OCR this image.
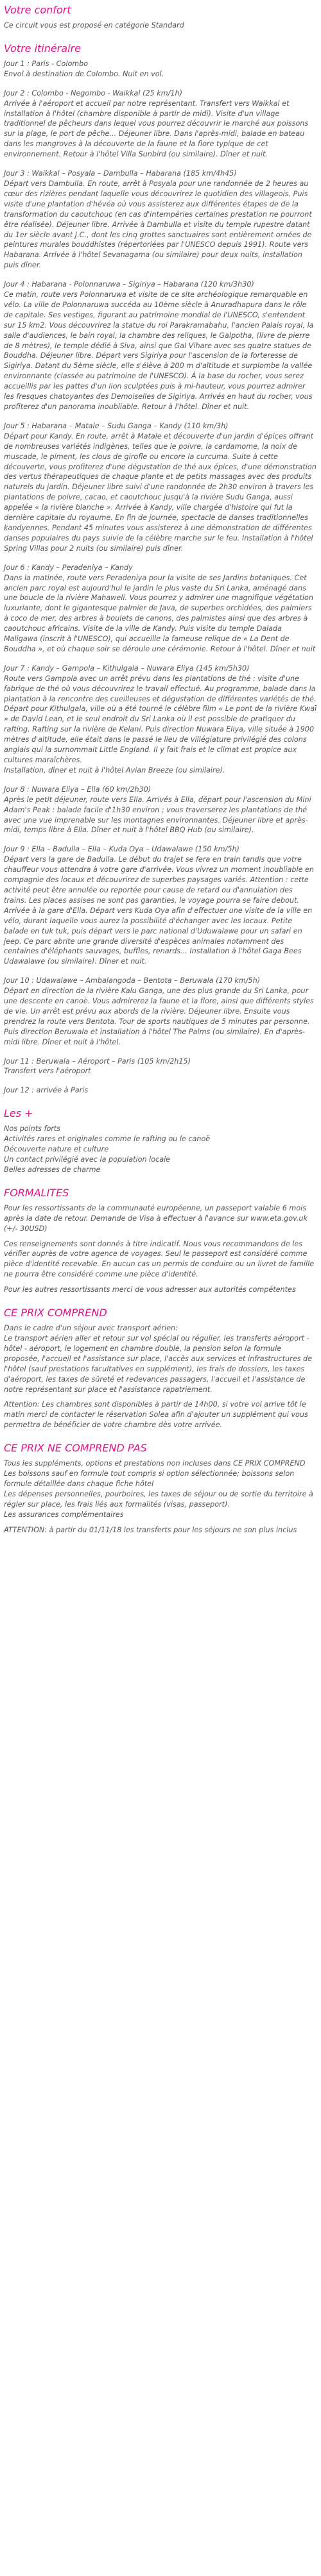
Votre confort

Ce circuit vous est proposé en catégorie Standard

Votre itinéraire
Jour 1 : Paris - Colombo
Envol à destination de Colombo. Nuit en vol.
Jour 2 : Colombo - Negombo - Waikkal (25 km/1h)
Arrivée à l'aéroport et accueil par notre représentant. Transfert vers Waikkal et installation à l'hôtel (chambre disponible à partir de midi). Visite d'un village traditionnel de pêcheurs dans lequel vous pourrez découvrir le marché aux poissons sur la plage, le port de pêche... Déjeuner libre. Dans l'après-midi, balade en bateau dans les mangroves à la découverte de la faune et la flore typique de cet environnement. Retour à l'hôtel Villa Sunbird (ou similaire). Dîner et nuit.
Jour 3 : Waikkal – Posyala – Dambulla – Habarana (185 km/4h45)
Départ vers Dambulla. En route, arrêt à Posyala pour une randonnée de 2 heures au cœur des rizières pendant laquelle vous découvrirez le quotidien des villageois. Puis visite d'une plantation d'hévéa où vous assisterez aux différentes étapes de de la transformation du caoutchouc (en cas d'intempéries certaines prestation ne pourront être réalisée). Déjeuner libre. Arrivée à Dambulla et visite du temple rupestre datant du 1er siècle avant J.C., dont les cinq grottes sanctuaires sont entièrement ornées de peintures murales bouddhistes (répertoriées par l'UNESCO depuis 1991). Route vers Habarana. Arrivée à l'hôtel Sevanagama (ou similaire) pour deux nuits, installation puis dîner.
Jour 4 : Habarana - Polonnaruwa – Sigiriya – Habarana (120 km/3h30)
Ce matin, route vers Polonnaruwa et visite de ce site archéologique remarquable en vélo. La ville de Polonnaruwa succéda au 10ème siècle à Anuradhapura dans le rôle de capitale. Ses vestiges, figurant au patrimoine mondial de l'UNESCO, s'entendent sur 15 km2. Vous découvrirez la statue du roi Parakramabahu, l'ancien Palais royal, la salle d'audiences, le bain royal, la chambre des reliques, le Galpotha, (livre de pierre de 8 mètres), le temple dédié à Siva, ainsi que Gal Vihare avec ses quatre statues de Bouddha. Déjeuner libre. Départ vers Sigiriya pour l'ascension de la forteresse de Sigiriya. Datant du 5ème siècle, elle s'élève à 200 m d'altitude et surplombe la vallée environnante (classée au patrimoine de l'UNESCO). À la base du rocher, vous serez accueillis par les pattes d'un lion sculptées puis à mi-hauteur, vous pourrez admirer les fresques chatoyantes des Demoiselles de Sigiriya. Arrivés en haut du rocher, vous profiterez d'un panorama inoubliable. Retour à l'hôtel. Dîner et nuit.
Jour 5 : Habarana – Matale – Sudu Ganga – Kandy (110 km/3h)
Départ pour Kandy. En route, arrêt à Matale et découverte d'un jardin d'épices offrant de nombreuses variétés indigènes, telles que le poivre, la cardamome, la noix de muscade, le piment, les clous de girofle ou encore la curcuma. Suite à cette découverte, vous profiterez d'une dégustation de thé aux épices, d'une démonstration des vertus thérapeutiques de chaque plante et de petits massages avec des produits naturels du jardin. Déjeuner libre suivi d'une randonnée de 2h30 environ à travers les plantations de poivre, cacao, et caoutchouc jusqu'à la rivière Sudu Ganga, aussi appelée « la rivière blanche ». Arrivée à Kandy, ville chargée d'histoire qui fut la dernière capitale du royaume. En fin de journée, spectacle de danses traditionnelles kandyennes. Pendant 45 minutes vous assisterez à une démonstration de différentes danses populaires du pays suivie de la célèbre marche sur le feu. Installation à l'hôtel Spring Villas pour 2 nuits (ou similaire) puis dîner.
Jour 6 : Kandy – Peradeniya – Kandy
Dans la matinée, route vers Peradeniya pour la visite de ses Jardins botaniques. Cet ancien parc royal est aujourd'hui le jardin le plus vaste du Sri Lanka, aménagé dans une boucle de la rivière Mahaweli. Vous pourrez y admirer une magnifique végétation luxuriante, dont le gigantesque palmier de Java, de superbes orchidées, des palmiers à coco de mer, des arbres à boulets de canons, des palmistes ainsi que des arbres à caoutchouc africains. Visite de la ville de Kandy. Puis visite du temple Dalada Maligawa (inscrit à l'UNESCO), qui accueille la fameuse relique de « La Dent de Bouddha », et où chaque soir se déroule une cérémonie. Retour à l'hôtel. Dîner et nuit
Jour 7 : Kandy – Gampola – Kithulgala – Nuwara Eliya (145 km/5h30)
Route vers Gampola avec un arrêt prévu dans les plantations de thé : visite d'une fabrique de thé où vous découvrirez le travail effectué. Au programme, balade dans la plantation à la rencontre des cueilleuses et dégustation de différentes variétés de thé. Départ pour Kithulgala, ville où a été tourné le célèbre film « Le pont de la rivière Kwaï » de David Lean, et le seul endroit du Sri Lanka où il est possible de pratiquer du rafting. Rafting sur la rivière de Kelani. Puis direction Nuwara Eliya, ville située à 1900 mètres d'altitude, elle était dans le passé le lieu de villégiature privilégié des colons anglais qui la surnommait Little England. Il y fait frais et le climat est propice aux cultures maraîchères.
Installation, dîner et nuit à l'hôtel Avian Breeze (ou similaire).
Jour 8 : Nuwara Eliya – Ella (60 km/2h30)
Après le petit déjeuner, route vers Ella. Arrivés à Ella, départ pour l'ascension du Mini Adam's Peak : balade facile d'1h30 environ ; vous traverserez les plantations de thé avec une vue imprenable sur les montagnes environnantes. Déjeuner libre et après-midi, temps libre à Ella. Dîner et nuit à l'hôtel BBQ Hub (ou similaire).
Jour 9 : Ella – Badulla – Ella – Kuda Oya – Udawalawe (150 km/5h)
Départ vers la gare de Badulla. Le début du trajet se fera en train tandis que votre chauffeur vous attendra à votre gare d'arrivée. Vous vivrez un moment inoubliable en compagnie des locaux et découvrirez de superbes paysages variés. Attention : cette activité peut être annulée ou reportée pour cause de retard ou d'annulation des trains. Les places assises ne sont pas garanties, le voyage pourra se faire debout. Arrivée à la gare d'Ella. Départ vers Kuda Oya afin d'effectuer une visite de la ville en vélo, durant laquelle vous aurez la possibilité d'échanger avec les locaux. Petite balade en tuk tuk, puis départ vers le parc national d'Uduwalawe pour un safari en jeep. Ce parc abrite une grande diversité d'espèces animales notamment des centaines d'éléphants sauvages, buffles, renards... Installation à l'hôtel Gaga Bees Udawalawe (ou similaire). Dîner et nuit.
Jour 10 : Udawalawe – Ambalangoda – Bentota – Beruwala (170 km/5h)
Départ en direction de la rivière Kalu Ganga, une des plus grande du Sri Lanka, pour une descente en canoë. Vous admirerez la faune et la flore, ainsi que différents styles de vie. Un arrêt est prévu aux abords de la rivière. Déjeuner libre. Ensuite vous prendrez la route vers Bentota. Tour de sports nautiques de 5 minutes par personne. Puis direction Beruwala et installation à l'hôtel The Palms (ou similaire). En d'après-midi libre. Dîner et nuit à l'hôtel.
Jour 11 : Beruwala – Aéroport – Paris (105 km/2h15)
Transfert vers l'aéroport
Jour 12 : arrivée à Paris
Les +
Nos points forts
Activités rares et originales comme le rafting ou le canoë
Découverte nature et culture
Un contact privilégié avec la population locale
Belles adresses de charme
FORMALITES

Pour les ressortissants de la communauté européenne, un passeport valable 6 mois après la date de retour. Demande de Visa à effectuer à l'avance sur www.eta.gov.uk (+/- 30USD)

Ces renseignements sont donnés à titre indicatif. Nous vous recommandons de les vérifier auprès de votre agence de voyages. Seul le passeport est considéré comme pièce d'identité recevable. En aucun cas un permis de conduire ou un livret de famille ne pourra être considéré comme une pièce d'identité.

Pour les autres ressortissants merci de vous adresser aux autorités compétentes

CE PRIX COMPREND

Dans le cadre d'un séjour avec transport aérien:
Le transport aérien aller et retour sur vol spécial ou régulier, les transferts aéroport - hôtel - aéroport, le logement en chambre double, la pension selon la formule proposée, l'accueil et l'assistance sur place, l'accès aux services et infrastructures de l'hôtel (sauf prestations facultatives en supplément), les frais de dossiers, les taxes d'aéroport, les taxes de sûreté et redevances passagers, l'accueil et l'assistance de notre représentant sur place et l'assistance rapatriement.

Attention: Les chambres sont disponibles à partir de 14h00, si votre vol arrive tôt le matin merci de contacter le réservation Solea afin d'ajouter un supplément qui vous permettra de bénéficier de votre chambre dès votre arrivée.

CE PRIX NE COMPREND PAS

Tous les suppléments, options et prestations non incluses dans CE PRIX COMPREND
Les boissons sauf en formule tout compris si option sélectionnée; boissons selon formule détaillée dans chaque fiche hôtel
Les dépenses personnelles, pourboires, les taxes de séjour ou de sortie du territoire à régler sur place, les frais liés aux formalités (visas, passeport).
Les assurances complémentaires

ATTENTION: à partir du 01/11/18 les transferts pour les séjours ne son plus inclus
